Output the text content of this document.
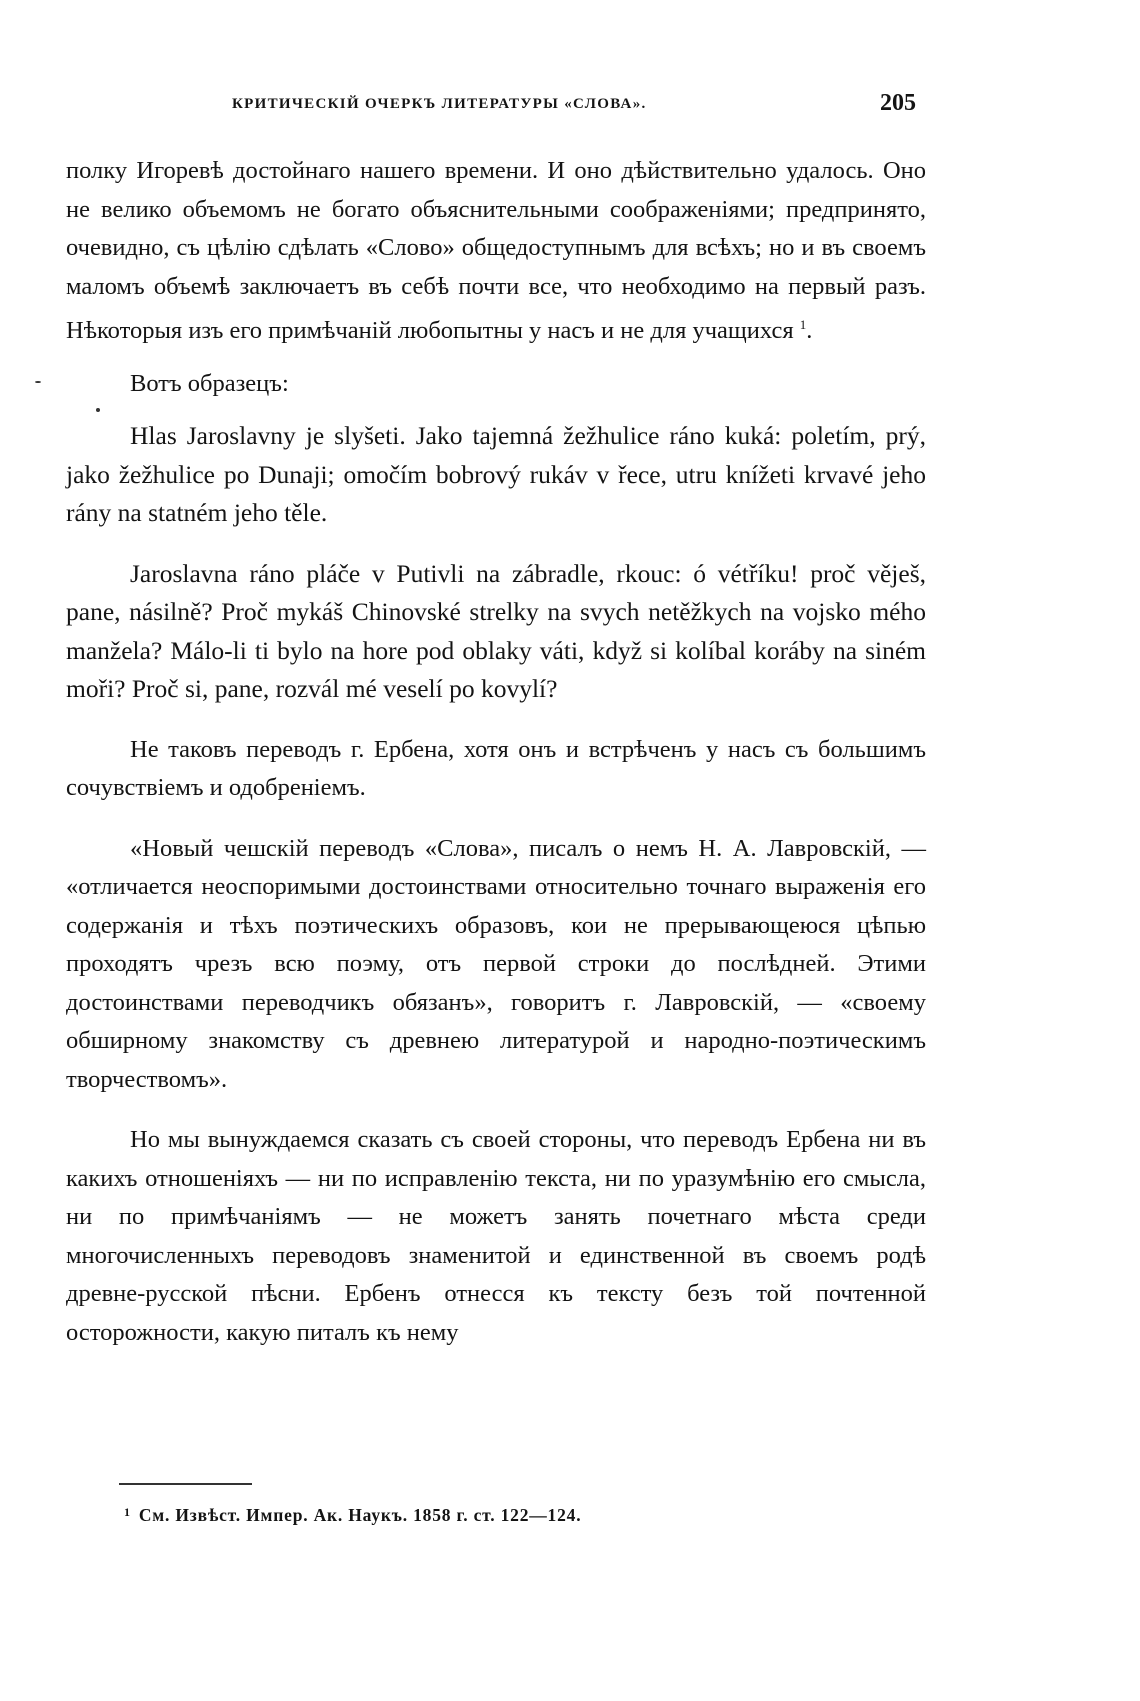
КРИТИЧЕСКІЙ ОЧЕРКЪ ЛИТЕРАТУРЫ «СЛОВА».	205

полку Игоревѣ достойнаго нашего времени. И оно дѣйствительно удалось. Оно не велико объемомъ не богато объяснительными соображеніями; предпринято, очевидно, съ цѣлію сдѣлать «Слово» общедоступнымъ для всѣхъ; но и въ своемъ маломъ объемѣ заключаетъ въ себѣ почти все, что необходимо на первый разъ. Нѣкоторыя изъ его примѣчаній любопытны у насъ и не для учащихся $^1$.

Вотъ образецъ:

Hlas Jaroslavny je slyšeti. Jako tajemná žežhulice ráno kuká: poletím, prý, jako žežhulice po Dunaji; omočím bobrový rukáv v řece, utru knížeti krvavé jeho rány na statném jeho těle.

Jaroslavna ráno pláče v Putivli na zábradle, rkouc: ó vétříku! proč věješ, pane, násilně? Proč mykáš Chinovské strelky na svych netěžkych na vojsko mého manžela? Málo-li ti bylo na hore pod oblaky váti, když si kolíbal koráby na siném moři? Proč si, pane, rozvál mé veselí po kovylí?

Не таковъ переводъ г. Ербена, хотя онъ и встрѣченъ у насъ съ большимъ сочувствіемъ и одобреніемъ.

«Новый чешскій переводъ «Слова», писалъ о немъ Н. А. Лавровскій, — «отличается неоспоримыми достоинствами относительно точнаго выраженія его содержанія и тѣхъ поэтическихъ образовъ, кои не прерывающеюся цѣпью проходятъ чрезъ всю поэму, отъ первой строки до послѣдней. Этими достоинствами переводчикъ обязанъ», говоритъ г. Лавровскій, — «своему обширному знакомству съ древнею литературой и народно-поэтическимъ творчествомъ».

Но мы вынуждаемся сказать съ своей стороны, что переводъ Ербена ни въ какихъ отношеніяхъ — ни по исправленію текста, ни по уразумѣнію его смысла, ни по примѣчаніямъ — не можетъ занять почетнаго мѣста среди многочисленныхъ переводовъ знаменитой и единственной въ своемъ родѣ древне-русской пѣсни. Ербенъ отнесся къ тексту безъ той почтенной осторожности, какую питалъ къ нему

$^1$ См. Извѣст. Импер. Ак. Наукъ. 1858 г. ст. 122—124.
